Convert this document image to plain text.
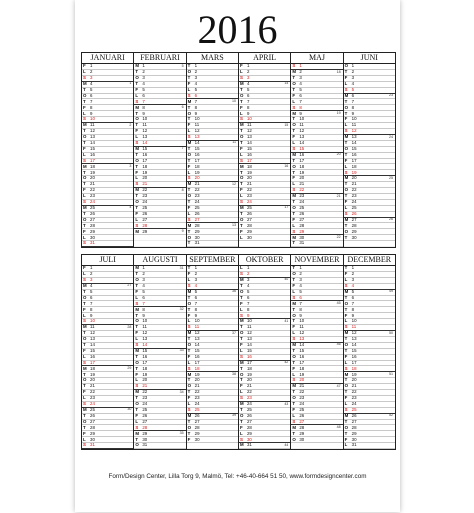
2016
JANUARI
F 1
L 2
S 3
M 4	1
T 5
O 6
T 7
F 8
L 9
S 10
M 11	2
T 12
O 13
T 14
F 15
L 16
S 17
M 18	3
T 19
O 20
T 21
F 22
L 23
S 24
M 25	4
T 26
O 27
T 28
F 29
L 30
S 31
FEBRUARI
M 1	5
T 2
O 3
T 4
F 5
L 6
S 7
M 8	6
T 9
O 10
T 11
F 12
L 13
S 14
M 15	7
T 16
O 17
T 18
F 19
L 20
S 21
M 22	8
T 23
O 24
T 25
F 26
L 27
S 28
M 29	9
MARS
T 1
O 2
T 3
F 4
L 5
S 6
M 7	10
T 8
O 9
T 10
F 11
L 12
S 13
M 14	11
T 15
O 16
T 17
F 18
L 19
S 20
M 21	12
T 22
O 23
T 24
F 25
L 26
S 27
M 28	13
T 29
O 30
T 31
APRIL
F 1
L 2
S 3
M 4	14
T 5
O 6
T 7
F 8
L 9
S 10
M 11	15
T 12
O 13
T 14
F 15
L 16
S 17
M 18	16
T 19
O 20
T 21
F 22
L 23
S 24
M 25	17
T 26
O 27
T 28
F 29
L 30
MAJ
S 1
M 2	18
T 3
O 4
T 5
F 6
L 7
S 8
M 9	19
T 10
O 11
T 12
F 13
L 14
S 15
M 16	20
T 17
O 18
T 19
F 20
L 21
S 22
M 23	21
T 24
O 25
T 26
F 27
L 28
S 29
M 30	22
T 31
JUNI
O 1
T 2
F 3
L 4
S 5
M 6	23
T 7
O 8
T 9
F 10
L 11
S 12
M 13	24
T 14
O 15
T 16
F 17
L 18
S 19
M 20	25
T 21
O 22
T 23
F 24
L 25
S 26
M 27	26
T 28
O 29
T 30
JULI
F 1
L 2
S 3
M 4	27
T 5
O 6
T 7
F 8
L 9
S 10
M 11	28
T 12
O 13
T 14
F 15
L 16
S 17
M 18	29
T 19
O 20
T 21
F 22
L 23
S 24
M 25	30
T 26
O 27
T 28
F 29
L 30
S 31
AUGUSTI
M 1	31
T 2
O 3
T 4
F 5
L 6
S 7
M 8	32
T 9
O 10
T 11
F 12
L 13
S 14
M 15	33
T 16
O 17
T 18
F 19
L 20
S 21
M 22	34
T 23
O 24
T 25
F 26
L 27
S 28
M 29	35
T 30
O 31
SEPTEMBER
T 1
F 2
L 3
S 4
M 5	36
T 6
O 7
T 8
F 9
L 10
S 11
M 12	37
T 13
O 14
T 15
F 16
L 17
S 18
M 19	38
T 20
O 21
T 22
F 23
L 24
S 25
M 26	39
T 27
O 28
T 29
F 30
OKTOBER
L 1
S 2
M 3	40
T 4
O 5
T 6
F 7
L 8
S 9
M 10	41
T 11
O 12
T 13
F 14
L 15
S 16
M 17	42
T 18
O 19
T 20
F 21
L 22
S 23
M 24	43
T 25
O 26
T 27
F 28
L 29
S 30
M 31	44
NOVEMBER
T 1
O 2
T 3
F 4
L 5
S 6
M 7	45
T 8
O 9
T 10
F 11
L 12
S 13
M 14	46
T 15
O 16
T 17
F 18
L 19
S 20
M 21	47
T 22
O 23
T 24
F 25
L 26
S 27
M 28	48
T 29
O 30
DECEMBER
T 1
F 2
L 3
S 4
M 5	49
T 6
O 7
T 8
F 9
L 10
S 11
M 12	50
T 13
O 14
T 15
F 16
L 17
S 18
M 19	51
T 20
O 21
T 22
F 23
L 24
S 25
M 26	52
T 27
O 28
T 29
F 30
L 31
Form/Design Center, Lilla Torg 9, Malmö, Tel: +46-40-664 51 50, www.formdesigncenter.com
